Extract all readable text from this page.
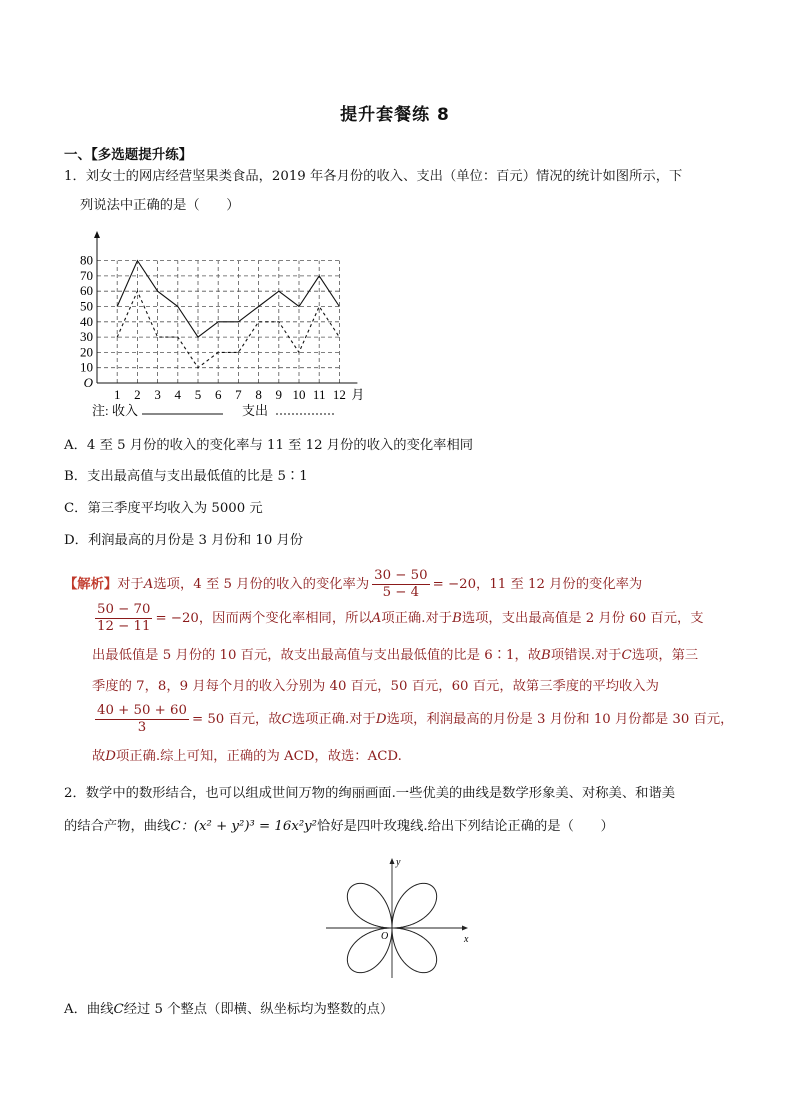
提升套餐练 8
一、【多选题提升练】
1．刘女士的网店经营坚果类食品，2019 年各月份的收入、支出（单位：百元）情况的统计如图所示，下
列说法中正确的是（　　）
10
20
30
40
50
60
70
80
O
1 2 3 4 5 6 7 8 9 10 11 12 月
注: 收入	支出
A．4 至 5 月份的收入的变化率与 11 至 12 月份的收入的变化率相同
B．支出最高值与支出最低值的比是 5∶1
C．第三季度平均收入为 5000 元
D．利润最高的月份是 3 月份和 10 月份
【解析】对于A选项，4 至 5 月份的收入的变化率为 $\frac{30 - 50}{5 - 4} = -20$，11 至 12 月份的变化率为
$\frac{50 - 70}{12 - 11} = -20$，因而两个变化率相同，所以A项正确.对于B选项，支出最高值是 2 月份 60 百元，支
出最低值是 5 月份的 10 百元，故支出最高值与支出最低值的比是 6∶1，故B项错误.对于C选项，第三
季度的 7，8，9 月每个月的收入分别为 40 百元，50 百元，60 百元，故第三季度的平均收入为
$\frac{40 + 50 + 60}{3} = 50$ 百元，故C选项正确.对于D选项，利润最高的月份是 3 月份和 10 月份都是 30 百元，
故D项正确.综上可知，正确的为 ACD，故选：ACD.
2．数学中的数形结合，也可以组成世间万物的绚丽画面.一些优美的曲线是数学形象美、对称美、和谐美
的结合产物，曲线C：(x² + y²)³ = 16x²y²恰好是四叶玫瑰线.给出下列结论正确的是（　　）
x
y
O
A．曲线C经过 5 个整点（即横、纵坐标均为整数的点）
